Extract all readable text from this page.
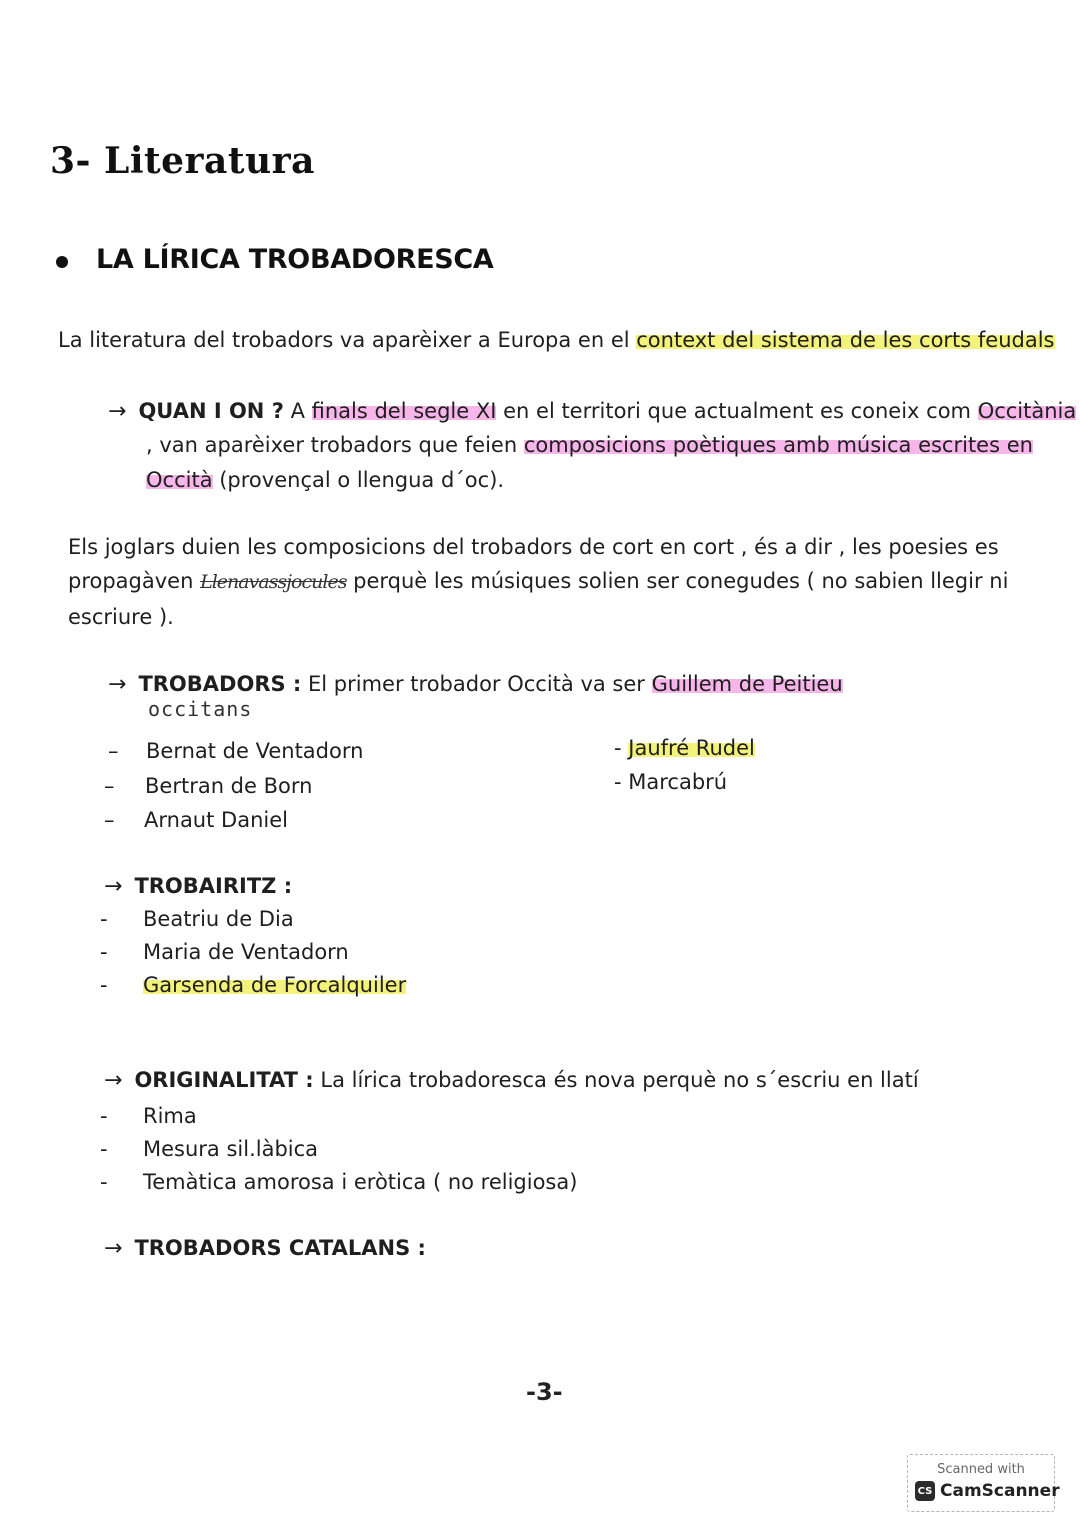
3- Literatura
LA LÍRICA TROBADORESCA
La literatura del trobadors va aparèixer a Europa en el context del sistema de les corts feudals
→ QUAN I ON ? A finals del segle XI en el territori que actualment es coneix com Occitània
, van aparèixer trobadors que feien composicions poètiques amb música escrites en
Occità (provençal o llengua d´oc).
Els joglars duien les composicions del trobadors de cort en cort , és a dir , les poesies es
propagàven Llenavassjocules perquè les músiques solien ser conegudes ( no sabien llegir ni
escriure ).
→ TROBADORS : El primer trobador Occità va ser Guillem de Peitieu
occitans
– Bernat de Ventadorn
– Bertran de Born
– Arnaut Daniel
- Jaufré Rudel
- Marcabrú
→ TROBAIRITZ :
- Beatriu de Dia
- Maria de Ventadorn
- Garsenda de Forcalquiler
→ ORIGINALITAT : La lírica trobadoresca és nova perquè no s´escriu en llatí
- Rima
- Mesura sil.làbica
- Temàtica amorosa i eròtica ( no religiosa)
→ TROBADORS CATALANS :
-3-
Scanned with
CS CamScanner
